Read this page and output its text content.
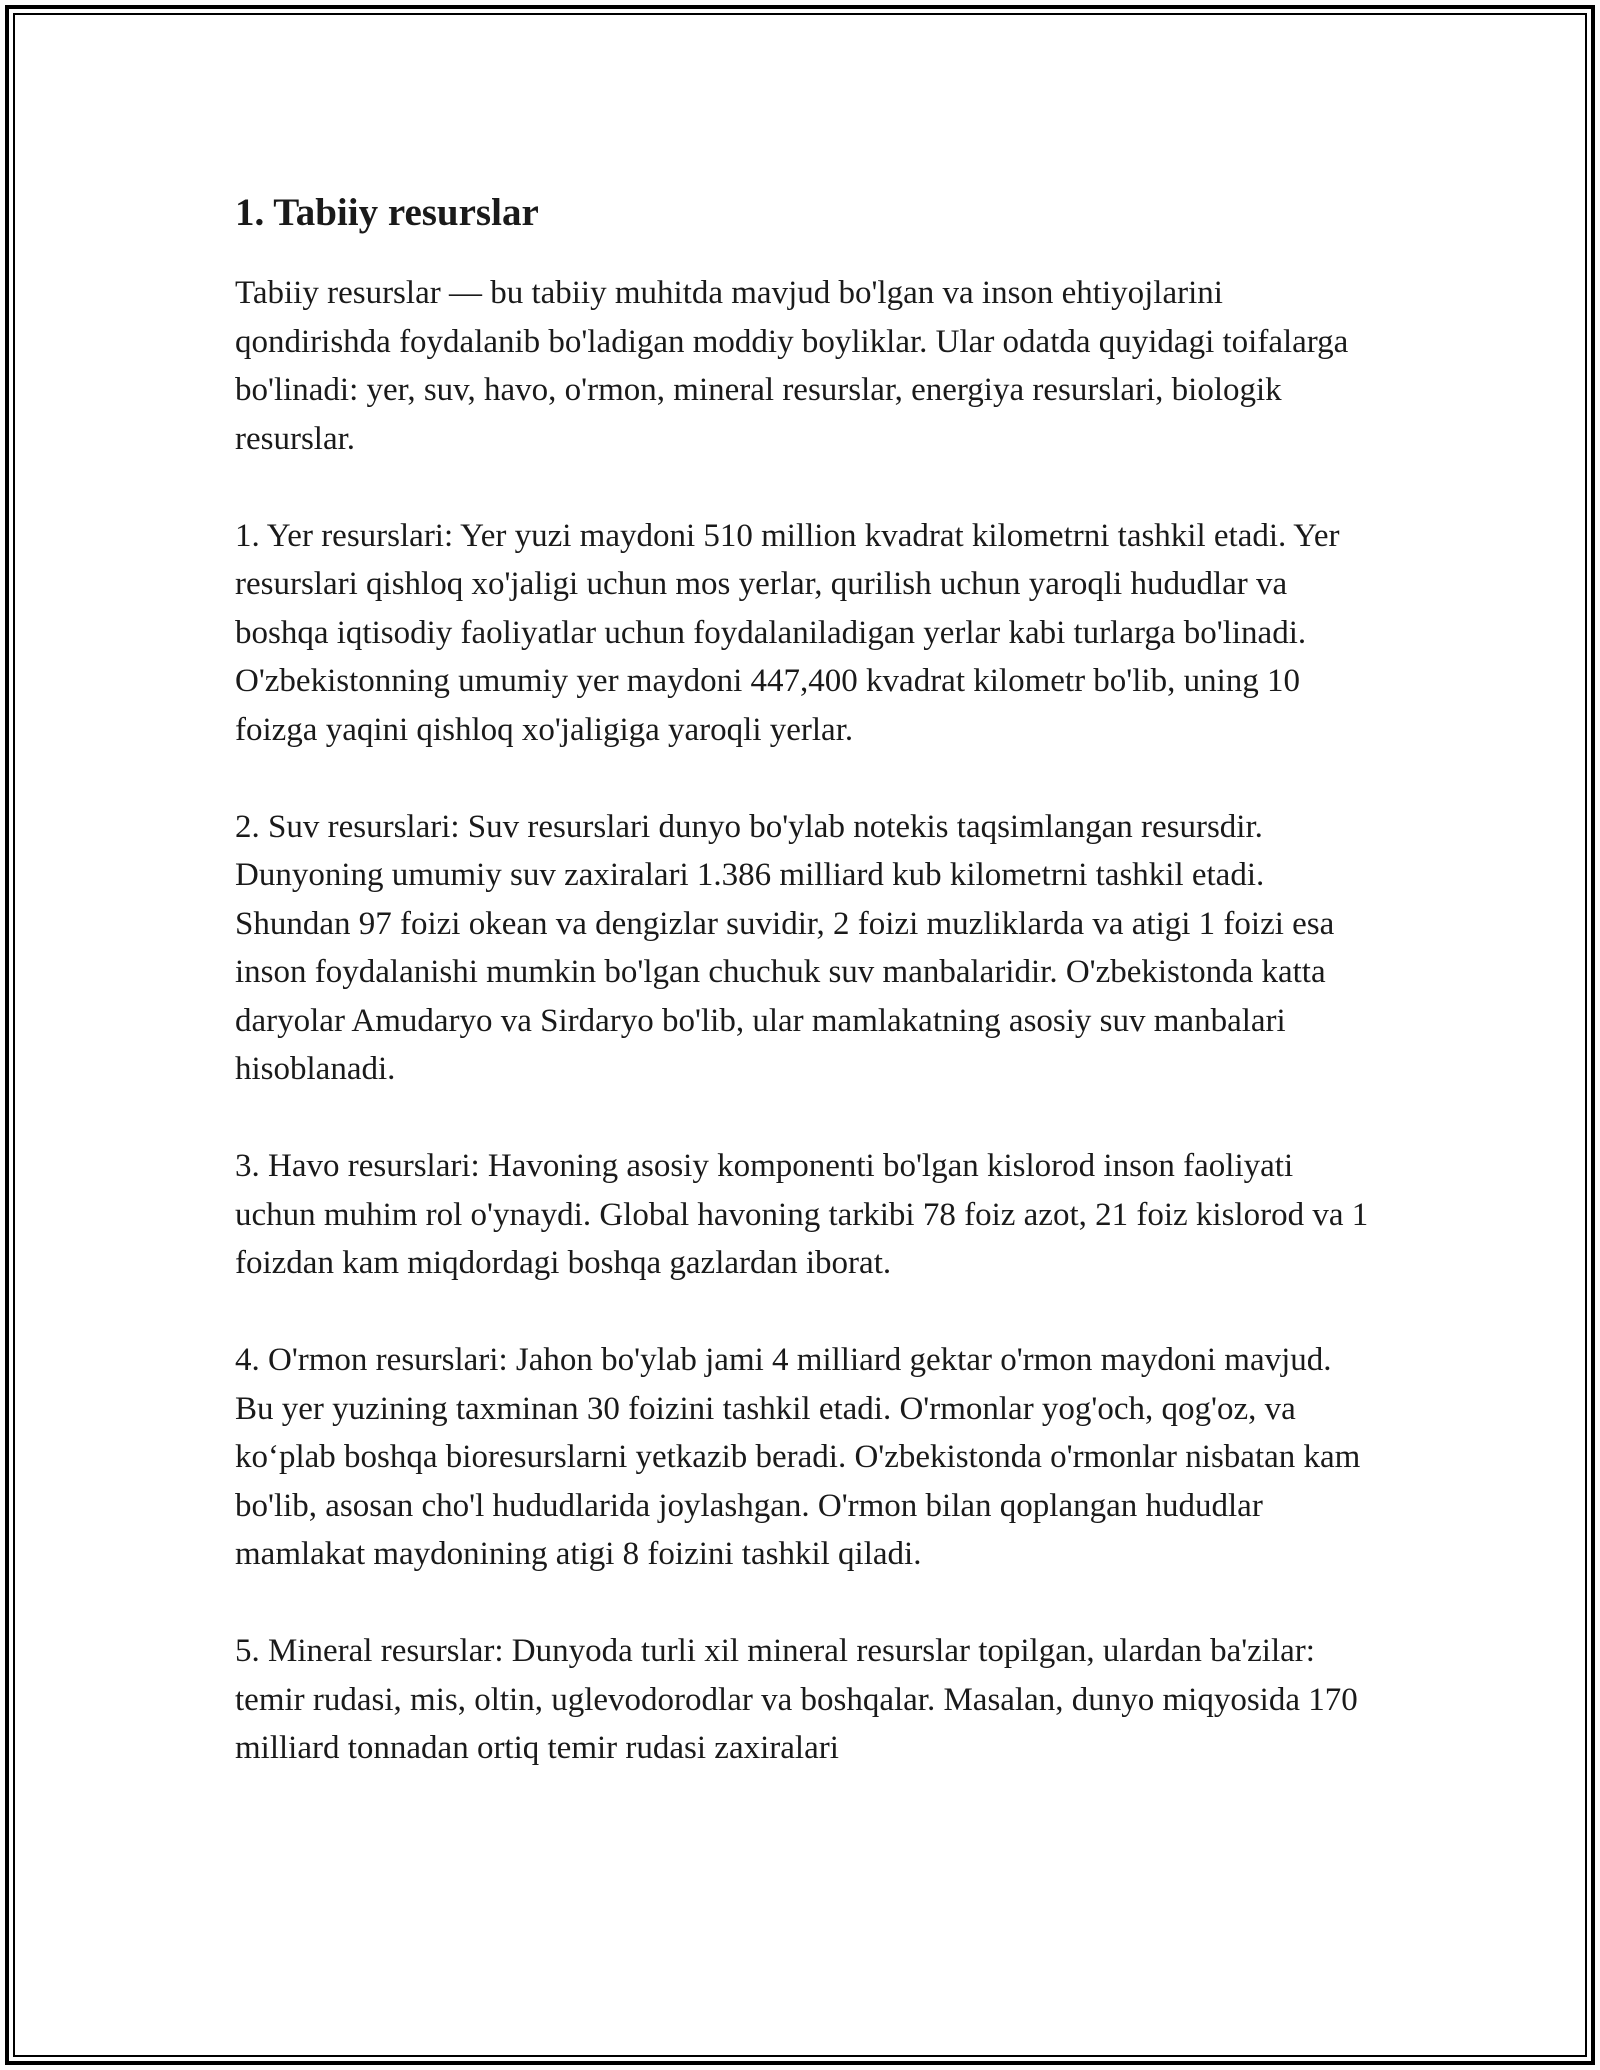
1. Tabiiy resurslar

Tabiiy resurslar — bu tabiiy muhitda mavjud bo'lgan va inson ehtiyojlarini qondirishda foydalanib bo'ladigan moddiy boyliklar. Ular odatda quyidagi toifalarga bo'linadi: yer, suv, havo, o'rmon, mineral resurslar, energiya resurslari, biologik resurslar.

1. Yer resurslari: Yer yuzi maydoni 510 million kvadrat kilometrni tashkil etadi. Yer resurslari qishloq xo'jaligi uchun mos yerlar, qurilish uchun yaroqli hududlar va boshqa iqtisodiy faoliyatlar uchun foydalaniladigan yerlar kabi turlarga bo'linadi. O'zbekistonning umumiy yer maydoni 447,400 kvadrat kilometr bo'lib, uning 10 foizga yaqini qishloq xo'jaligiga yaroqli yerlar.

2. Suv resurslari: Suv resurslari dunyo bo'ylab notekis taqsimlangan resursdir. Dunyoning umumiy suv zaxiralari 1.386 milliard kub kilometrni tashkil etadi. Shundan 97 foizi okean va dengizlar suvidir, 2 foizi muzliklarda va atigi 1 foizi esa inson foydalanishi mumkin bo'lgan chuchuk suv manbalaridir. O'zbekistonda katta daryolar Amudaryo va Sirdaryo bo'lib, ular mamlakatning asosiy suv manbalari hisoblanadi.

3. Havo resurslari: Havoning asosiy komponenti bo'lgan kislorod inson faoliyati uchun muhim rol o'ynaydi. Global havoning tarkibi 78 foiz azot, 21 foiz kislorod va 1 foizdan kam miqdordagi boshqa gazlardan iborat.

4. O'rmon resurslari: Jahon bo'ylab jami 4 milliard gektar o'rmon maydoni mavjud. Bu yer yuzining taxminan 30 foizini tashkil etadi. O'rmonlar yog'och, qog'oz, va ko‘plab boshqa bioresurslarni yetkazib beradi. O'zbekistonda o'rmonlar nisbatan kam bo'lib, asosan cho'l hududlarida joylashgan. O'rmon bilan qoplangan hududlar mamlakat maydonining atigi 8 foizini tashkil qiladi.

5. Mineral resurslar: Dunyoda turli xil mineral resurslar topilgan, ulardan ba'zilar: temir rudasi, mis, oltin, uglevodorodlar va boshqalar. Masalan, dunyo miqyosida 170 milliard tonnadan ortiq temir rudasi zaxiralari
